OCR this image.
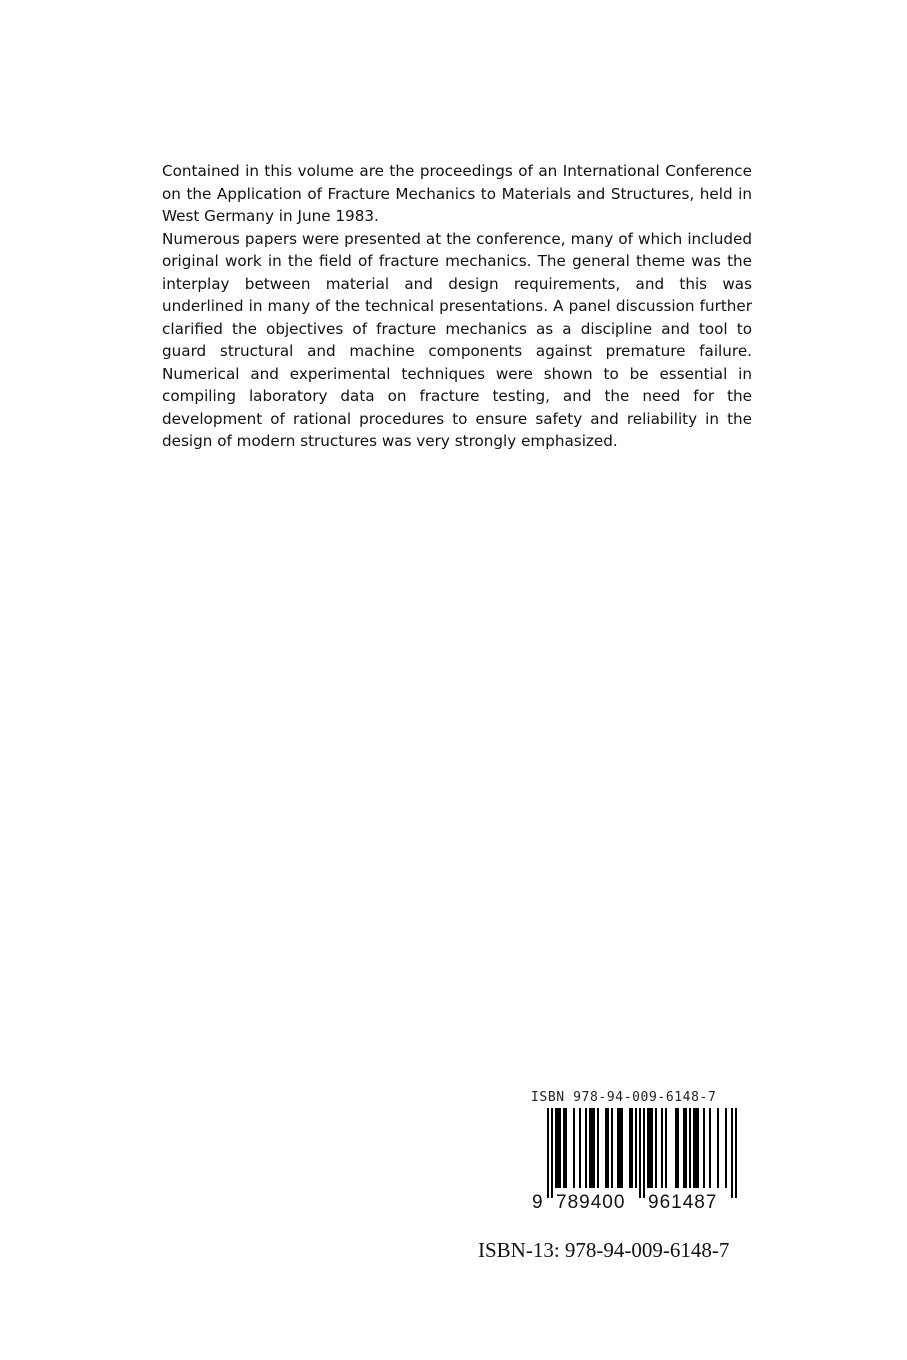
Contained in this volume are the proceedings of an International Conference on the Application of Fracture Mechanics to Materials and Structures, held in West Germany in June 1983.

Numerous papers were presented at the conference, many of which included original work in the field of fracture mechanics. The general theme was the interplay between material and design requirements, and this was underlined in many of the technical presentations. A panel discussion further clarified the objectives of fracture mechanics as a discipline and tool to guard structural and machine components against premature failure. Numerical and experimental techniques were shown to be essential in compiling laboratory data on fracture testing, and the need for the development of rational procedures to ensure safety and reliability in the design of modern structures was very strongly emphasized.

ISBN 978-94-009-6148-7
9 789400 961487
ISBN-13: 978-94-009-6148-7
